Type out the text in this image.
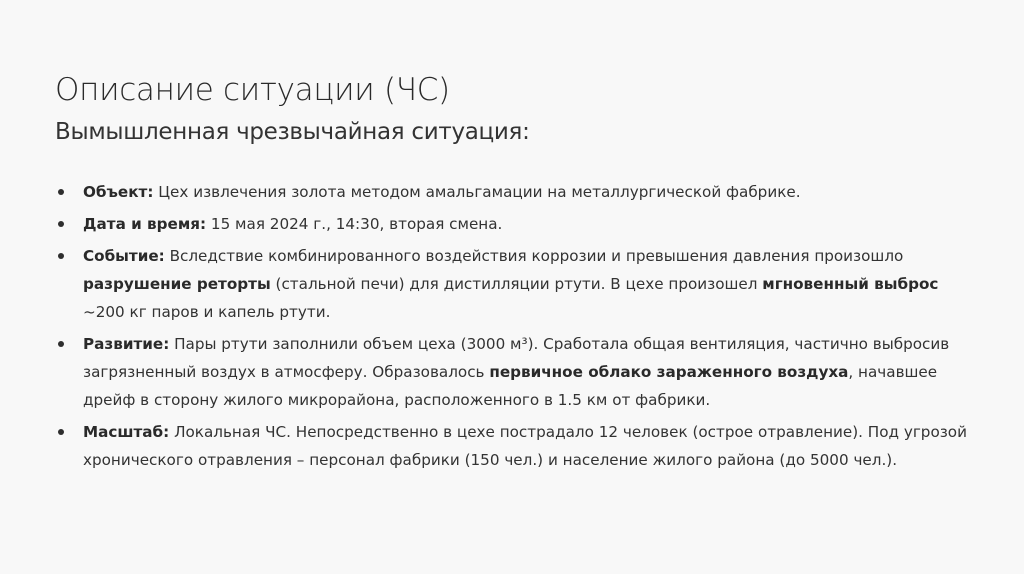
Описание ситуации (ЧС)
Вымышленная чрезвычайная ситуация:
Объект: Цех извлечения золота методом амальгамации на металлургической фабрике.
Дата и время: 15 мая 2024 г., 14:30, вторая смена.
Событие: Вследствие комбинированного воздействия коррозии и превышения давления произошло разрушение реторты (стальной печи) для дистилляции ртути. В цехе произошел мгновенный выброс ~200 кг паров и капель ртути.
Развитие: Пары ртути заполнили объем цеха (3000 м³). Сработала общая вентиляция, частично выбросив загрязненный воздух в атмосферу. Образовалось первичное облако зараженного воздуха, начавшее дрейф в сторону жилого микрорайона, расположенного в 1.5 км от фабрики.
Масштаб: Локальная ЧС. Непосредственно в цехе пострадало 12 человек (острое отравление). Под угрозой хронического отравления – персонал фабрики (150 чел.) и население жилого района (до 5000 чел.).
